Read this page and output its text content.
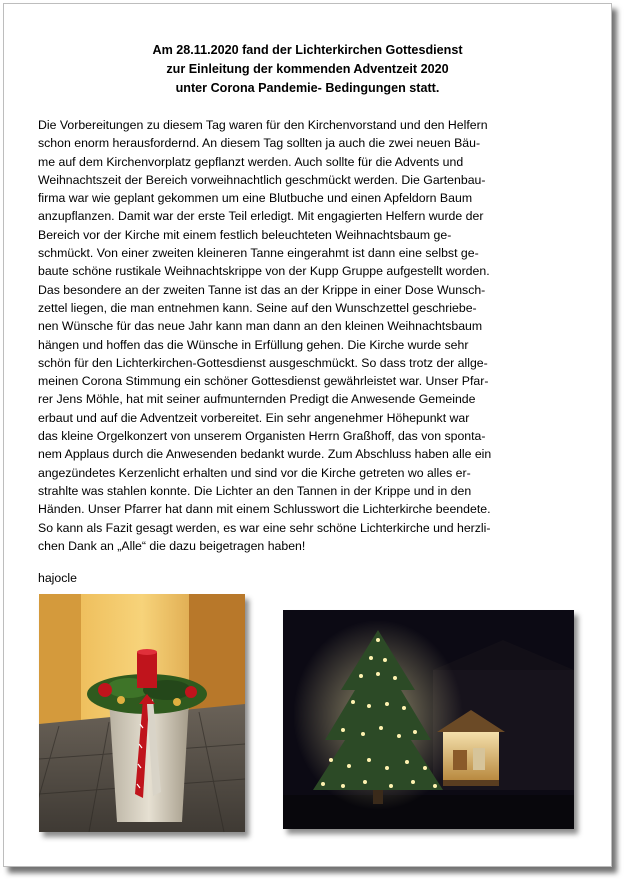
Am 28.11.2020 fand der Lichterkirchen Gottesdienst
zur Einleitung der kommenden Adventzeit 2020
unter Corona Pandemie- Bedingungen statt.
Die Vorbereitungen zu diesem Tag waren für den Kirchenvorstand und den Helfern
schon enorm herausfordernd. An diesem Tag sollten ja auch die zwei neuen Bäu-
me auf dem Kirchenvorplatz gepflanzt werden. Auch sollte für die Advents und
Weihnachtszeit der Bereich vorweihnachtlich geschmückt werden. Die Gartenbau-
firma war wie geplant gekommen um eine Blutbuche und einen Apfeldorn Baum
anzupflanzen. Damit war der erste Teil erledigt. Mit engagierten Helfern wurde der
Bereich vor der Kirche mit einem festlich beleuchteten Weihnachtsbaum ge-
schmückt. Von einer zweiten kleineren Tanne eingerahmt ist dann eine selbst ge-
baute schöne rustikale Weihnachtskrippe von der Kupp Gruppe aufgestellt worden.
Das besondere an der zweiten Tanne ist das an der Krippe in einer Dose Wunsch-
zettel liegen, die man entnehmen kann. Seine auf den Wunschzettel geschriebe-
nen Wünsche für das neue Jahr kann man dann an den kleinen Weihnachtsbaum
hängen und hoffen das die Wünsche in Erfüllung gehen. Die Kirche wurde sehr
schön für den Lichterkirchen-Gottesdienst ausgeschmückt. So dass trotz der allge-
meinen Corona Stimmung ein schöner Gottesdienst gewährleistet war. Unser Pfar-
rer Jens Möhle, hat mit seiner aufmunternden Predigt die Anwesende Gemeinde
erbaut und auf die Adventzeit vorbereitet. Ein sehr angenehmer Höhepunkt war
das kleine Orgelkonzert von unserem Organisten Herrn Graßhoff, das von sponta-
nem Applaus durch die Anwesenden bedankt wurde. Zum Abschluss haben alle ein
angezündetes Kerzenlicht erhalten und sind vor die Kirche getreten wo alles er-
strahlte was stahlen konnte. Die Lichter an den Tannen in der Krippe und in den
Händen. Unser Pfarrer hat dann mit einem Schlusswort die Lichterkirche beendete.
So kann als Fazit gesagt werden, es war eine sehr schöne Lichterkirche und herzli-
chen Dank an „Alle“ die dazu beigetragen haben!
hajocle
